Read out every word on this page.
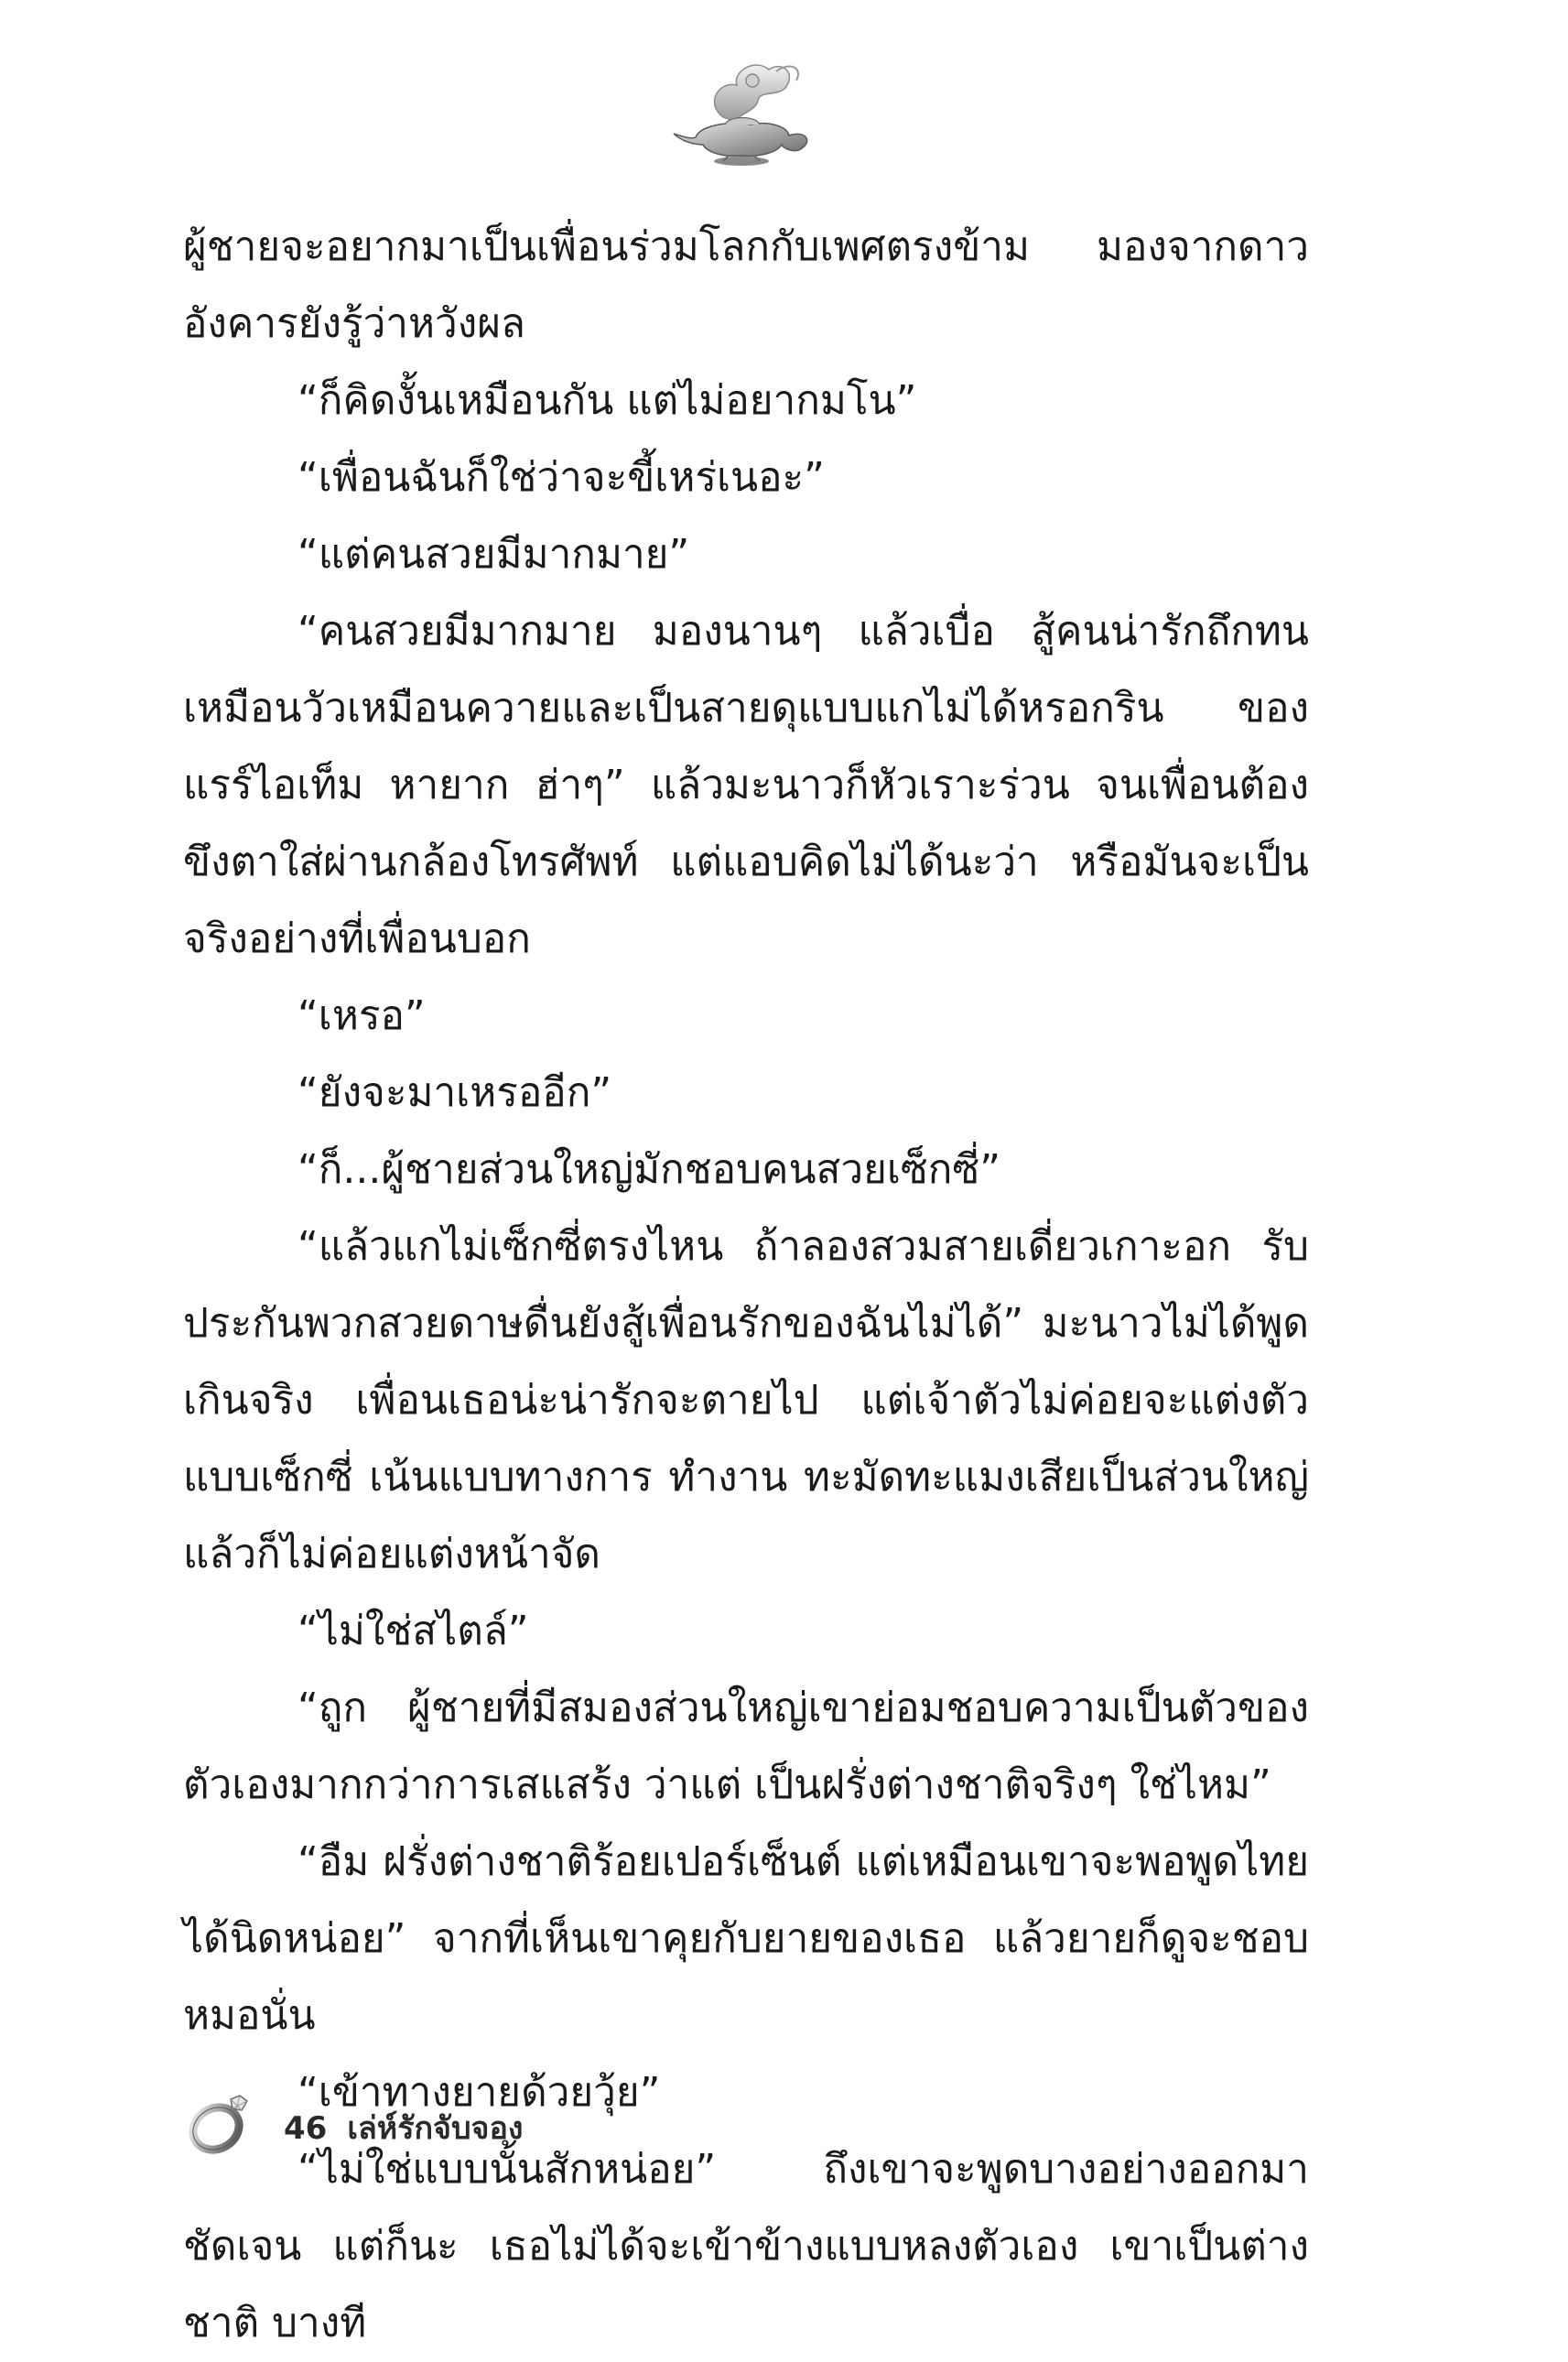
ผู้ชายจะอยากมาเป็นเพื่อนร่วมโลกกับเพศตรงข้าม มองจากดาวอังคารยังรู้ว่าหวังผล

“ก็คิดงั้นเหมือนกัน แต่ไม่อยากมโน”

“เพื่อนฉันก็ใช่ว่าจะขี้เหร่เนอะ”

“แต่คนสวยมีมากมาย”

“คนสวยมีมากมาย มองนานๆ แล้วเบื่อ สู้คนน่ารักถึกทนเหมือนวัวเหมือนควายและเป็นสายดุแบบแกไม่ได้หรอกริน ของแรร์ไอเท็ม หายาก ฮ่าๆ” แล้วมะนาวก็หัวเราะร่วน จนเพื่อนต้องขึงตาใส่ผ่านกล้องโทรศัพท์ แต่แอบคิดไม่ได้นะว่า หรือมันจะเป็นจริงอย่างที่เพื่อนบอก

“เหรอ”

“ยังจะมาเหรออีก”

“ก็...ผู้ชายส่วนใหญ่มักชอบคนสวยเซ็กซี่”

“แล้วแกไม่เซ็กซี่ตรงไหน ถ้าลองสวมสายเดี่ยวเกาะอก รับประกันพวกสวยดาษดื่นยังสู้เพื่อนรักของฉันไม่ได้” มะนาวไม่ได้พูดเกินจริง เพื่อนเธอน่ะน่ารักจะตายไป แต่เจ้าตัวไม่ค่อยจะแต่งตัวแบบเซ็กซี่ เน้นแบบทางการ ทำงาน ทะมัดทะแมงเสียเป็นส่วนใหญ่ แล้วก็ไม่ค่อยแต่งหน้าจัด

“ไม่ใช่สไตล์”

“ถูก ผู้ชายที่มีสมองส่วนใหญ่เขาย่อมชอบความเป็นตัวของตัวเองมากกว่าการเสแสร้ง ว่าแต่ เป็นฝรั่งต่างชาติจริงๆ ใช่ไหม”

“อืม ฝรั่งต่างชาติร้อยเปอร์เซ็นต์ แต่เหมือนเขาจะพอพูดไทยได้นิดหน่อย” จากที่เห็นเขาคุยกับยายของเธอ แล้วยายก็ดูจะชอบหมอนั่น

“เข้าทางยายด้วยวุ้ย”

“ไม่ใช่แบบนั้นสักหน่อย” ถึงเขาจะพูดบางอย่างออกมาชัดเจน แต่ก็นะ เธอไม่ได้จะเข้าข้างแบบหลงตัวเอง เขาเป็นต่างชาติ บางที

46 เล่ห์รักจับจอง
